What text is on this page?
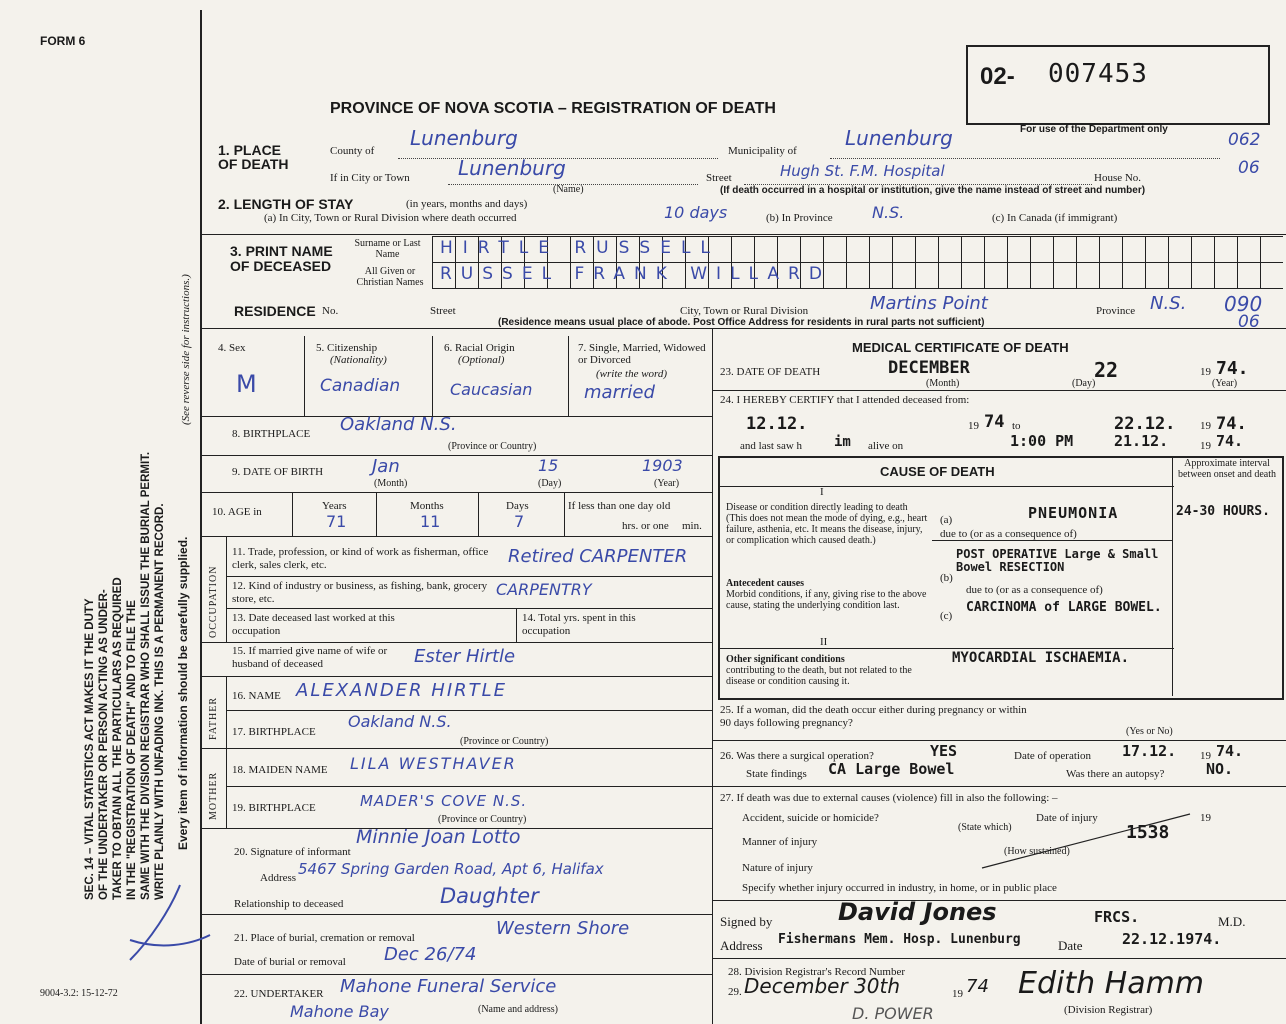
FORM 6
SEC. 14 – VITAL STATISTICS ACT MAKES IT THE DUTY OF THE UNDERTAKER OR PERSON ACTING AS UNDER- TAKER TO OBTAIN ALL THE PARTICULARS AS REQUIRED IN THE "REGISTRATION OF DEATH" AND TO FILE THE SAME WITH THE DIVISION REGISTRAR WHO SHALL ISSUE THE BURIAL PERMIT. WRITE PLAINLY WITH UNFADING INK. THIS IS A PERMANENT RECORD. Every item of information should be carefully supplied.
(See reverse side for instructions.)
9004-3.2: 15-12-72
02- 007453
For use of the Department only
062
06
090
06
PROVINCE OF NOVA SCOTIA – REGISTRATION OF DEATH
1. PLACE OF DEATH
County of
Lunenburg
Municipality of
Lunenburg
If in City or Town Lunenburg
(Name)
Street	Hugh St. F.M. Hospital	House No.
(If death occurred in a hospital or institution, give the name instead of street and number)
2. LENGTH OF STAY	(in years, months and days)
(a) In City, Town or Rural Division where death occurred	10 days	(b) In Province N.S.	(c) In Canada (if immigrant)
3. PRINT NAME OF DECEASED
Surname or Last Name
All Given or Christian Names
HIRTLE RUSSELL
RUSSEL FRANK WILLARD
RESIDENCE No.	Street	City, Town or Rural Division	Martins Point	Province N.S.
(Residence means usual place of abode. Post Office Address for residents in rural parts not sufficient)
4. Sex
M
5. Citizenship
(Nationality)
Canadian
6. Racial Origin
(Optional)
Caucasian
7. Single, Married, Widowed or Divorced
(write the word)
married
8. BIRTHPLACE Oakland N.S.
(Province or Country)
9. DATE OF BIRTH	Jan	15	1903
(Month)	(Day)	(Year)
10. AGE in	Years
71
Months
11
Days
7
If less than one day old
hrs. or one min.
OCCUPATION
11. Trade, profession, or kind of work as fisherman, office clerk, sales clerk, etc.	Retired CARPENTER
12. Kind of industry or business, as fishing, bank, grocery store, etc.	CARPENTRY
13. Date deceased last worked at this occupation
14. Total yrs. spent in this occupation
15. If married give name of wife or husband of deceased	Ester Hirtle
FATHER
16. NAME ALEXANDER HIRTLE
17. BIRTHPLACE
Oakland N.S.
(Province or Country)
MOTHER
18. MAIDEN NAME LILA WESTHAVER
19. BIRTHPLACE	MADER'S COVE N.S.
(Province or Country)
20. Signature of informant
Minnie Joan Lotto
Address 5467 Spring Garden Road, Apt 6, Halifax
Relationship to deceased	Daughter
21. Place of burial, cremation or removal	Western Shore
Date of burial or removal Dec 26/74
22. UNDERTAKER Mahone Funeral Service
Mahone Bay	(Name and address)
MEDICAL CERTIFICATE OF DEATH
23. DATE OF DEATH	DECEMBER	22	19 74.
(Month)	(Day)	(Year)
24. I HEREBY CERTIFY that I attended deceased from:
12.12.	19 74 to	22.12. 19 74.
and last saw h im alive on	1:00 PM	21.12.	19 74.
CAUSE OF DEATH
Approximate interval between onset and death
I
Disease or condition directly leading to death (This does not mean the mode of dying, e.g., heart failure, asthenia, etc. It means the disease, injury, or complication which caused death.)
(a)	PNEUMONIA	24-30 HOURS.
due to (or as a consequence of)
Antecedent causes
Morbid conditions, if any, giving rise to the above cause, stating the underlying condition last.
(b)
POST OPERATIVE Large & Small Bowel RESECTION
due to (or as a consequence of)
(c)
CARCINOMA of LARGE BOWEL.
II
Other significant conditions
contributing to the death, but not related to the disease or condition causing it.
MYOCARDIAL ISCHAEMIA.
25. If a woman, did the death occur either during pregnancy or within 90 days following pregnancy?
(Yes or No)
26. Was there a surgical operation?	YES	Date of operation 17.12. 19 74.
State findings CA Large Bowel	Was there an autopsy?	NO.
27. If death was due to external causes (violence) fill in also the following: –
Accident, suicide or homicide?	Date of injury	19
(State which)	1538
Manner of injury
(How sustained)
Nature of injury
Specify whether injury occurred in industry, in home, or in public place
Signed by	David Jones	FRCS.	M.D.
Address Fishermans Mem. Hosp. Lunenburg	Date	22.12.1974.
28. Division Registrar's Record Number
29. December 30th	19 74 Edith Hamm
(Division Registrar)
D. POWER
